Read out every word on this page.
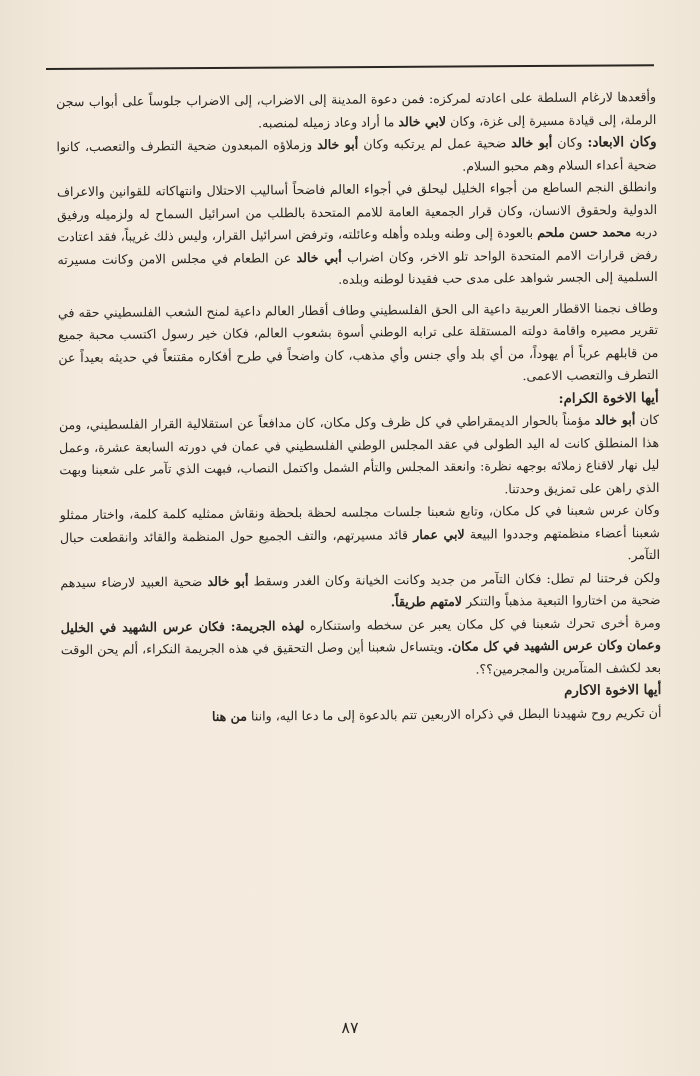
وأقعدها لارغام السلطة على اعادته لمركزه: فمن دعوة المدينة إلى الاضراب، إلى الاضراب جلوساً على أبواب سجن الرملة، إلى قيادة مسيرة إلى غزة، وكان لابي خالد ما أراد وعاد زميله لمنصبه.

وكان الابعاد: وكان أبو خالد ضحية عمل لم يرتكبه وكان أبو خالد وزملاؤه المبعدون ضحية التطرف والتعصب، كانوا ضحية أعداء السلام وهم محبو السلام.

وانطلق النجم الساطع من أجواء الخليل ليحلق في أجواء العالم فاضحاً أساليب الاحتلال وانتهاكاته للقوانين والاعراف الدولية ولحقوق الانسان، وكان قرار الجمعية العامة للامم المتحدة بالطلب من اسرائيل السماح له ولزميله ورفيق دربه محمد حسن ملحم بالعودة إلى وطنه وبلده وأهله وعائلته، وترفض اسرائيل القرار، وليس ذلك غريباً، فقد اعتادت رفض قرارات الامم المتحدة الواحد تلو الاخر، وكان اضراب أبي خالد عن الطعام في مجلس الامن وكانت مسيرته السلمية إلى الجسر شواهد على مدى حب فقيدنا لوطنه وبلده.

وطاف نجمنا الاقطار العربية داعية الى الحق الفلسطيني وطاف أقطار العالم داعية لمنح الشعب الفلسطيني حقه في تقرير مصيره واقامة دولته المستقلة على ترابه الوطني أسوة بشعوب العالم، فكان خير رسول اكتسب محبة جميع من قابلهم عرباً أم يهوداً، من أي بلد وأي جنس وأي مذهب، كان واضحاً في طرح أفكاره مقتنعاً في حديثه بعيداً عن التطرف والتعصب الاعمى.

أيها الاخوة الكرام:

كان أبو خالد مؤمناً بالحوار الديمقراطي في كل ظرف وكل مكان، كان مدافعاً عن استقلالية القرار الفلسطيني، ومن هذا المنطلق كانت له اليد الطولى في عقد المجلس الوطني الفلسطيني في عمان في دورته السابعة عشرة، وعمل ليل نهار لاقناع زملائه بوجهه نظرة: وانعقد المجلس والتأم الشمل واكتمل النصاب، فبهت الذي تآمر على شعبنا وبهت الذي راهن على تمزيق وحدتنا.

وكان عرس شعبنا في كل مكان، وتابع شعبنا جلسات مجلسه لحظة بلحظة ونقاش ممثليه كلمة كلمة، واختار ممثلو شعبنا أعضاء منظمتهم وجددوا البيعة لابي عمار قائد مسيرتهم، والتف الجميع حول المنظمة والقائد وانقطعت حبال التآمر.

ولكن فرحتنا لم تطل: فكان التآمر من جديد وكانت الخيانة وكان الغدر وسقط أبو خالد ضحية العبيد لارضاء سيدهم ضحية من اختاروا التبعية مذهباً والتنكر لامتهم طريقاً.

ومرة أخرى تحرك شعبنا في كل مكان يعبر عن سخطه واستنكاره لهذه الجريمة: فكان عرس الشهيد في الخليل وعمان وكان عرس الشهيد في كل مكان. ويتساءل شعبنا أين وصل التحقيق في هذه الجريمة النكراء، ألم يحن الوقت بعد لكشف المتآمرين والمجرمين؟؟.

أيها الاخوة الاكارم

أن تكريم روح شهيدنا البطل في ذكراه الاربعين تتم بالدعوة إلى ما دعا اليه، واننا من هنا

٨٧
